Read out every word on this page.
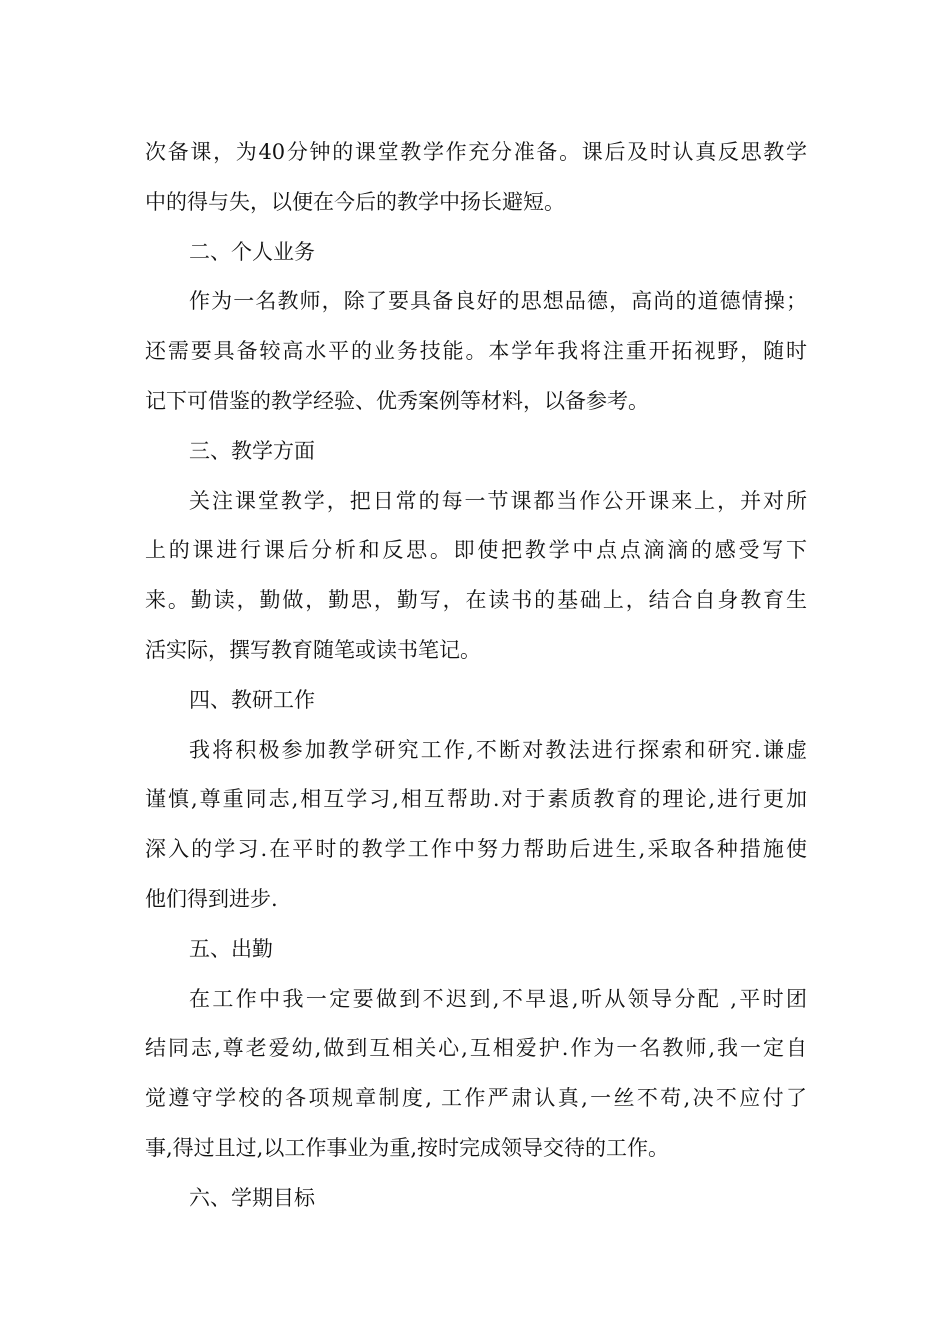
次备课，为40分钟的课堂教学作充分准备。课后及时认真反思教学
中的得与失，以便在今后的教学中扬长避短。
二、个人业务
作为一名教师，除了要具备良好的思想品德，高尚的道德情操；
还需要具备较高水平的业务技能。本学年我将注重开拓视野，随时
记下可借鉴的教学经验、优秀案例等材料，以备参考。
三、教学方面
关注课堂教学，把日常的每一节课都当作公开课来上，并对所
上的课进行课后分析和反思。即使把教学中点点滴滴的感受写下
来。勤读，勤做，勤思，勤写，在读书的基础上，结合自身教育生
活实际，撰写教育随笔或读书笔记。
四、教研工作
我将积极参加教学研究工作,不断对教法进行探索和研究.谦虚
谨慎,尊重同志,相互学习,相互帮助.对于素质教育的理论,进行更加
深入的学习.在平时的教学工作中努力帮助后进生,采取各种措施使
他们得到进步.
五、出勤
在工作中我一定要做到不迟到,不早退,听从领导分配 ,平时团
结同志,尊老爱幼,做到互相关心,互相爱护.作为一名教师,我一定自
觉遵守学校的各项规章制度, 工作严肃认真,一丝不苟,决不应付了
事,得过且过,以工作事业为重,按时完成领导交待的工作。
六、学期目标
